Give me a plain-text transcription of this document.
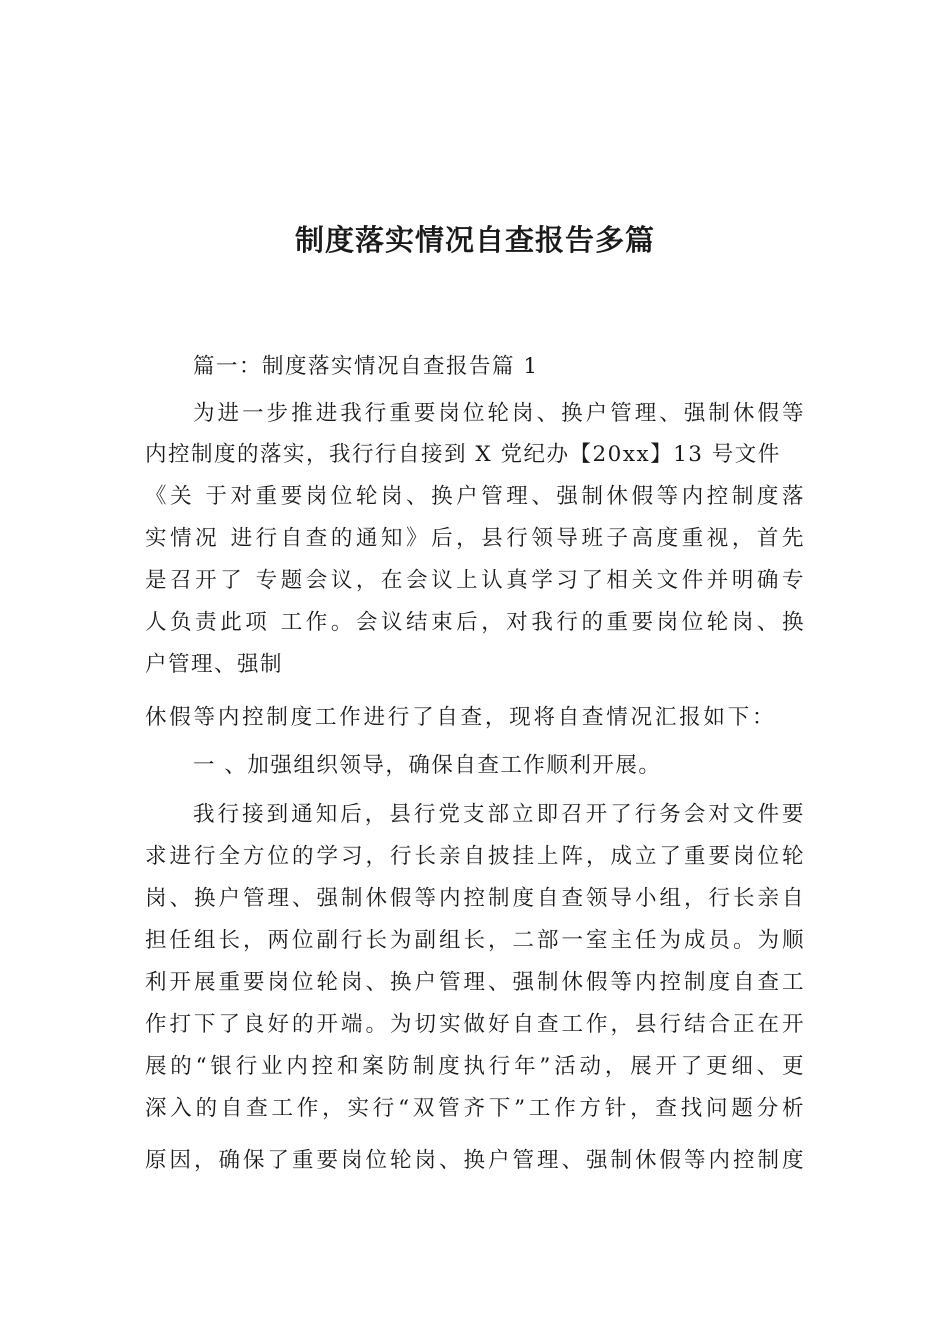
制度落实情况自查报告多篇

篇一：制度落实情况自查报告篇 1

为进一步推进我行重要岗位轮岗、换户管理、强制休假等

内控制度的落实，我行行自接到 X 党纪办【20xx】13 号文件

《关 于对重要岗位轮岗、换户管理、强制休假等内控制度落

实情况 进行自查的通知》后，县行领导班子高度重视，首先

是召开了 专题会议，在会议上认真学习了相关文件并明确专

人负责此项 工作。会议结束后，对我行的重要岗位轮岗、换

户管理、强制

休假等内控制度工作进行了自查，现将自查情况汇报如下：

一 、加强组织领导，确保自查工作顺利开展。

我行接到通知后，县行党支部立即召开了行务会对文件要

求进行全方位的学习，行长亲自披挂上阵，成立了重要岗位轮

岗、换户管理、强制休假等内控制度自查领导小组，行长亲自

担任组长，两位副行长为副组长，二部一室主任为成员。为顺

利开展重要岗位轮岗、换户管理、强制休假等内控制度自查工

作打下了良好的开端。为切实做好自查工作，县行结合正在开

展的“银行业内控和案防制度执行年”活动，展开了更细、更

深入的自查工作，实行“双管齐下”工作方针，查找问题分析

原因，确保了重要岗位轮岗、换户管理、强制休假等内控制度
